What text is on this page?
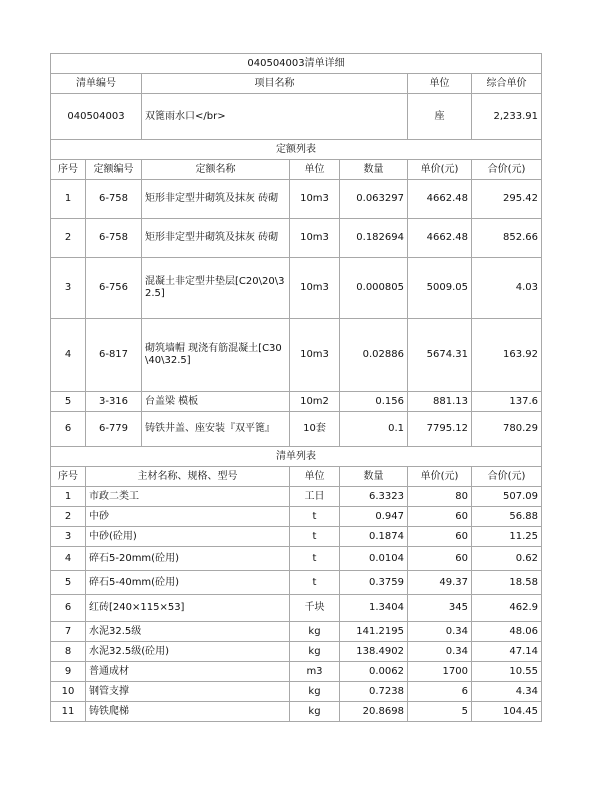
040504003清单详细						
清单编号		项目名称			单位	综合单价
040504003		双篦雨水口</br>			座	2,233.91
定额列表						
序号	定额编号	定额名称	单位	数量	单价(元)	合价(元)
1	6-758	矩形非定型井砌筑及抹灰 砖砌	10m3	0.063297	4662.48	295.42
2	6-758	矩形非定型井砌筑及抹灰 砖砌	10m3	0.182694	4662.48	852.66
3	6-756	混凝土非定型井垫层[C20\20\32.5]	10m3	0.000805	5009.05	4.03
4	6-817	砌筑墙帽 现浇有筋混凝土[C30\40\32.5]	10m3	0.02886	5674.31	163.92
5	3-316	台盖梁 模板	10m2	0.156	881.13	137.6
6	6-779	铸铁井盖、座安装『双平篦』	10套	0.1	7795.12	780.29
清单列表						
序号	主材名称、规格、型号		单位	数量	单价(元)	合价(元)
1	市政二类工		工日	6.3323	80	507.09
2	中砂		t	0.947	60	56.88
3	中砂(砼用)		t	0.1874	60	11.25
4	碎石5-20mm(砼用)		t	0.0104	60	0.62
5	碎石5-40mm(砼用)		t	0.3759	49.37	18.58
6	红砖[240×115×53]		千块	1.3404	345	462.9
7	水泥32.5级		kg	141.2195	0.34	48.06
8	水泥32.5级(砼用)		kg	138.4902	0.34	47.14
9	普通成材		m3	0.0062	1700	10.55
10	钢管支撑		kg	0.7238	6	4.34
11	铸铁爬梯		kg	20.8698	5	104.45
